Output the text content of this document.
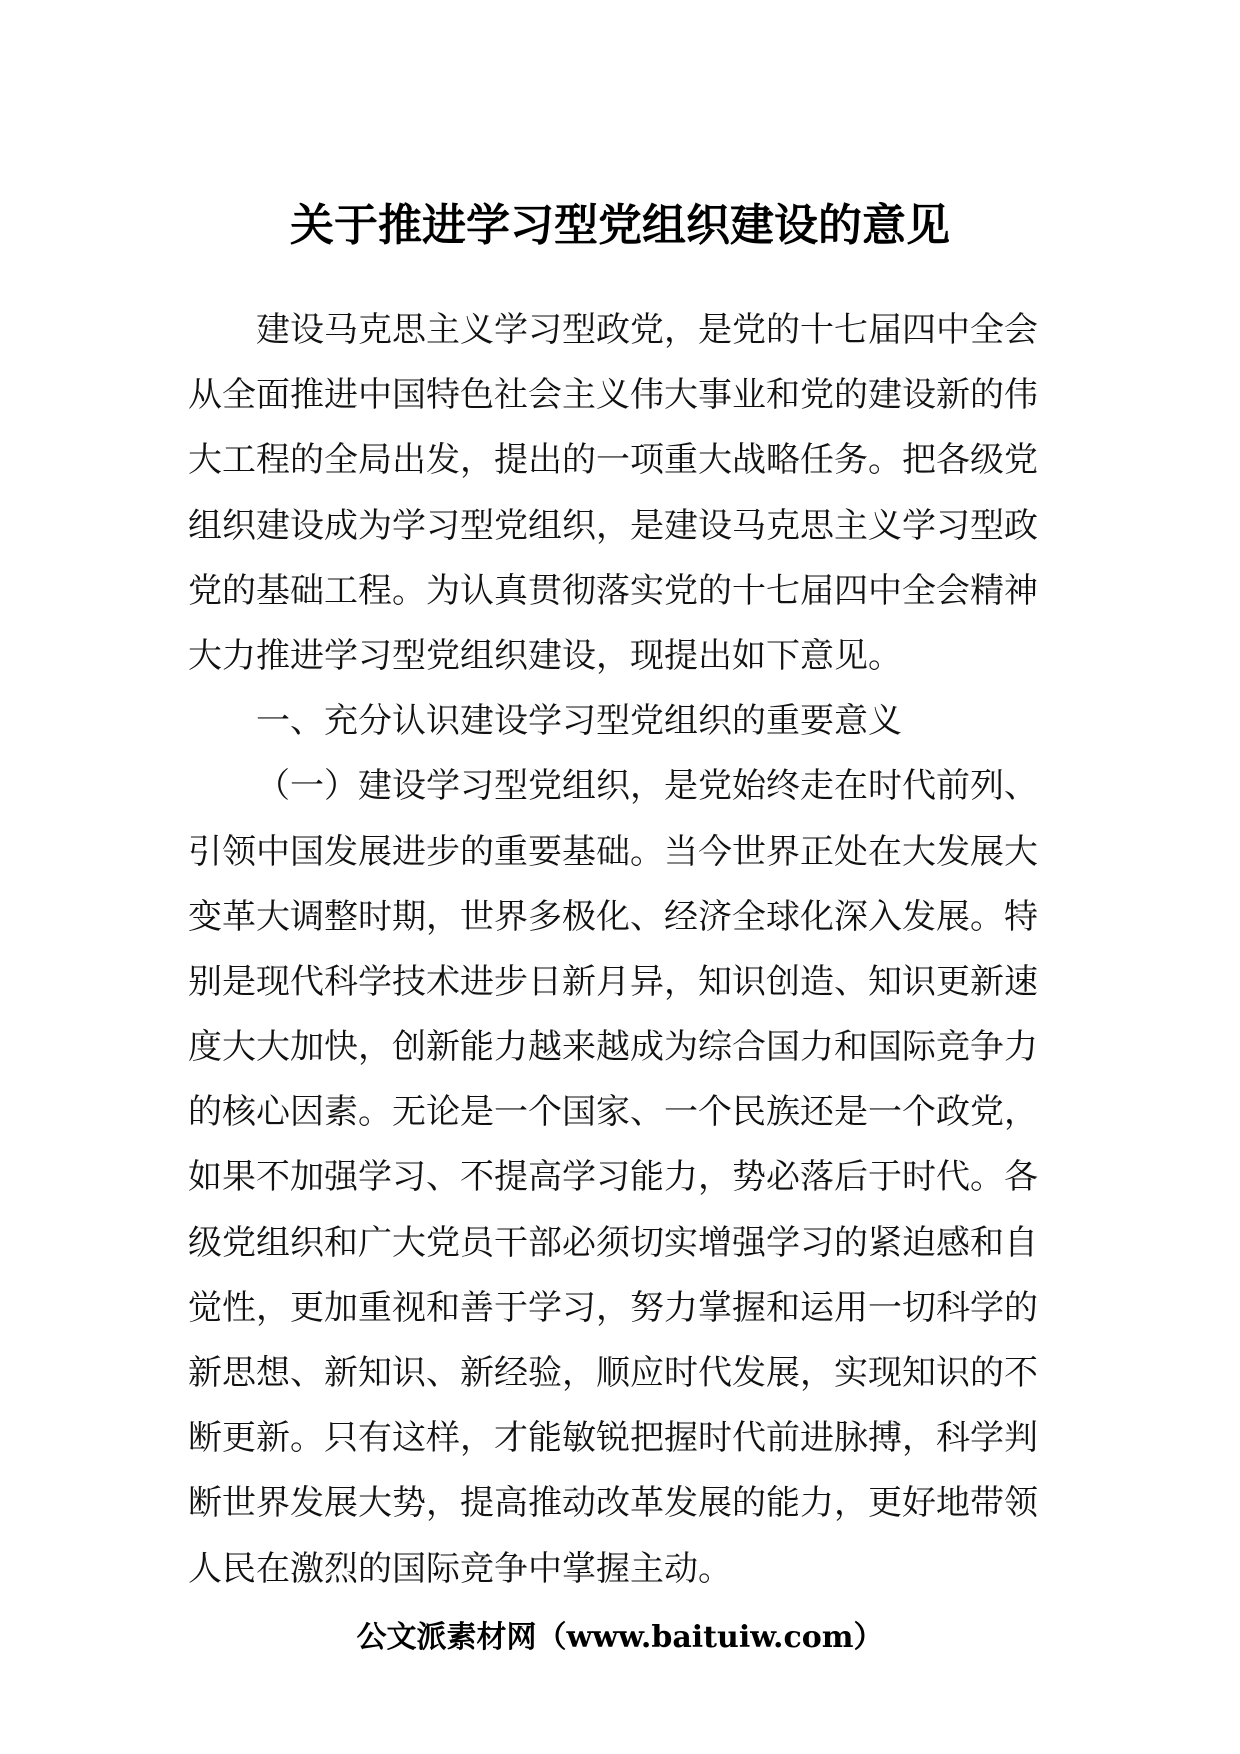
关于推进学习型党组织建设的意见
建设马克思主义学习型政党，是党的十七届四中全会
从全面推进中国特色社会主义伟大事业和党的建设新的伟
大工程的全局出发，提出的一项重大战略任务。把各级党
组织建设成为学习型党组织，是建设马克思主义学习型政
党的基础工程。为认真贯彻落实党的十七届四中全会精神
大力推进学习型党组织建设，现提出如下意见。
一、充分认识建设学习型党组织的重要意义
（一）建设学习型党组织，是党始终走在时代前列、
引领中国发展进步的重要基础。当今世界正处在大发展大
变革大调整时期，世界多极化、经济全球化深入发展。特
别是现代科学技术进步日新月异，知识创造、知识更新速
度大大加快，创新能力越来越成为综合国力和国际竞争力
的核心因素。无论是一个国家、一个民族还是一个政党，
如果不加强学习、不提高学习能力，势必落后于时代。各
级党组织和广大党员干部必须切实增强学习的紧迫感和自
觉性，更加重视和善于学习，努力掌握和运用一切科学的
新思想、新知识、新经验，顺应时代发展，实现知识的不
断更新。只有这样，才能敏锐把握时代前进脉搏，科学判
断世界发展大势，提高推动改革发展的能力，更好地带领
人民在激烈的国际竞争中掌握主动。
公文派素材网（www.baituiw.com）
